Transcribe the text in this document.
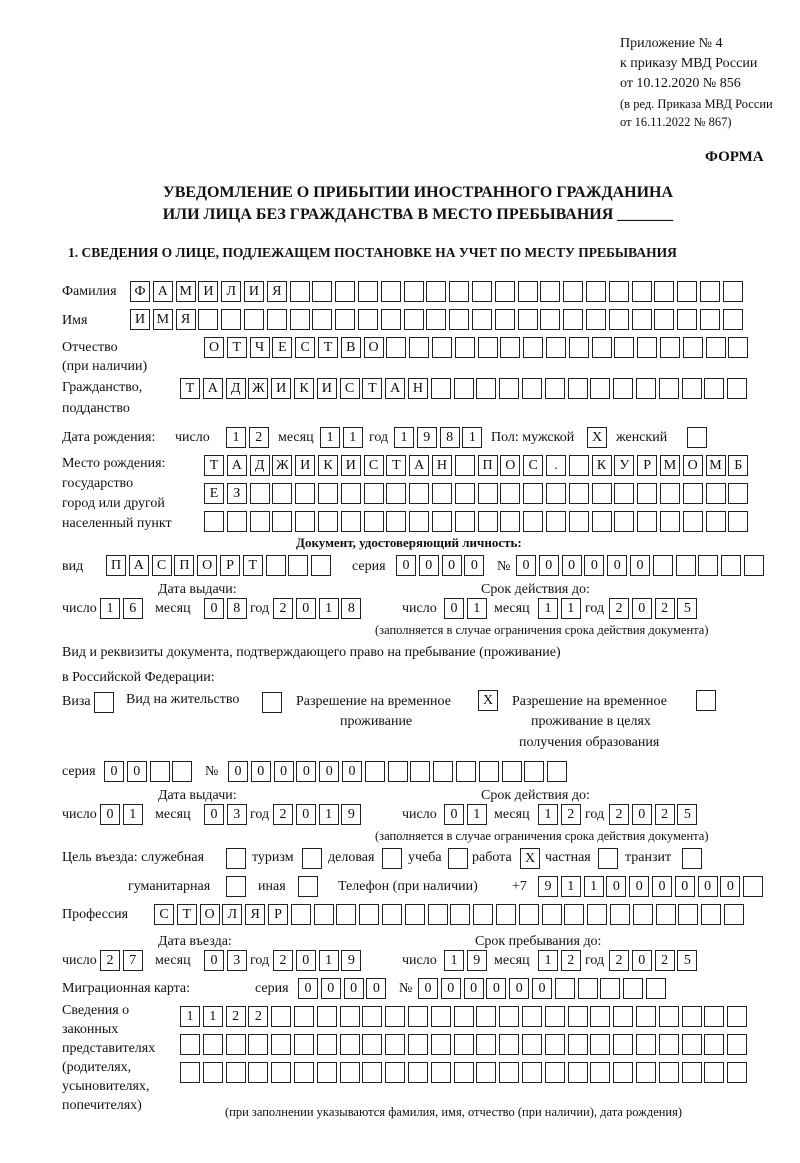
Приложение № 4
к приказу МВД России
от 10.12.2020 № 856
(в ред. Приказа МВД России
от 16.11.2022 № 867)
ФОРМА
УВЕДОМЛЕНИЕ О ПРИБЫТИИ ИНОСТРАННОГО ГРАЖДАНИНА
ИЛИ ЛИЦА БЕЗ ГРАЖДАНСТВА В МЕСТО ПРЕБЫВАНИЯ _______
1. СВЕДЕНИЯ О ЛИЦЕ, ПОДЛЕЖАЩЕМ ПОСТАНОВКЕ НА УЧЕТ ПО МЕСТУ ПРЕБЫВАНИЯ
Фамилия	Ф А М И Л И Я
Имя	И М Я
Отчество
(при наличии)
О Т Ч Е С Т В О
Гражданство,
подданство
Т А Д Ж И К И С Т А Н
Дата рождения: число	1	2	месяц 1	1 год 1	9	8	1	Пол: мужской	X женский
Место рождения:
государство
город или другой
населенный пункт
Т А Д Ж И К И С Т А Н	П О С	.	К У Р М О М Б
Е	З
Документ, удостоверяющий личность:
вид	П А С П О Р	Т	серия	0	0	0	0	№ 0	0	0	0	0	0
Дата выдачи:	Срок действия до:
число 1	6	месяц	0	8 год 2	0	1	8	число 0	1 месяц	1	1 год 2	0	2	5
(заполняется в случае ограничения срока действия документа)
Вид и реквизиты документа, подтверждающего право на пребывание (проживание)
в Российской Федерации:
Виза	Вид на жительство	Разрешение на временное
проживание
X	Разрешение на временное
проживание в целях
получения образования
серия	0	0	№	0	0	0	0	0	0
Дата выдачи:	Срок действия до:
число 0	1	месяц	0	3 год 2	0	1	9	число 0	1 месяц	1	2 год 2	0	2	5
(заполняется в случае ограничения срока действия документа)
Цель въезда: служебная	туризм деловая учеба работа X частная транзит
гуманитарная	иная	Телефон (при наличии) +7	9	1	1	0	0	0	0	0	0
Профессия	С Т О Л Я	Р
Дата въезда:	Срок пребывания до:
число 2	7	месяц	0	3 год 2	0	1	9	число 1	9 месяц	1	2 год 2	0	2	5
Миграционная карта:	серия	0	0	0	0	№ 0	0	0	0	0	0
Сведения о
законных
представителях
(родителях,
усыновителях,
попечителях)
1	1	2	2
(при заполнении указываются фамилия, имя, отчество (при наличии), дата рождения)
